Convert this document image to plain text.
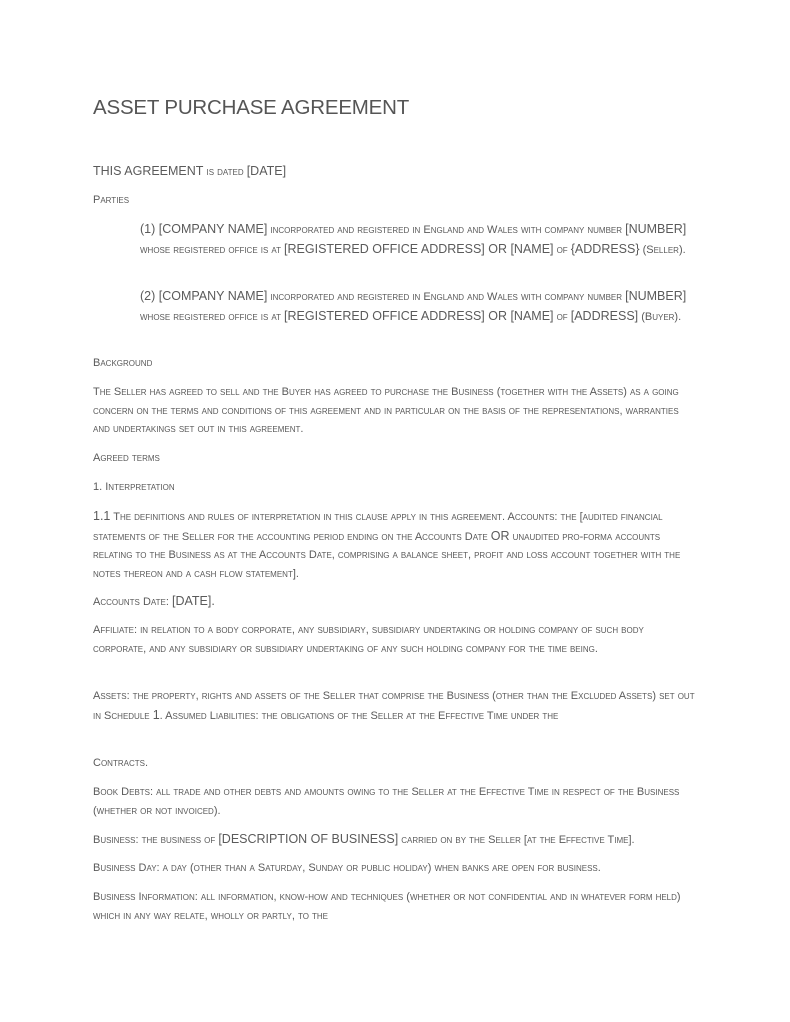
ASSET PURCHASE AGREEMENT
THIS AGREEMENT is dated [DATE]
Parties
(1) [COMPANY NAME] incorporated and registered in England and Wales with company number [NUMBER] whose registered office is at [REGISTERED OFFICE ADDRESS] OR [NAME] of {ADDRESS} (Seller).
(2) [COMPANY NAME] incorporated and registered in England and Wales with company number [NUMBER] whose registered office is at [REGISTERED OFFICE ADDRESS] OR [NAME] of [ADDRESS] (Buyer).
Background
The Seller has agreed to sell and the Buyer has agreed to purchase the Business (together with the Assets) as a going concern on the terms and conditions of this agreement and in particular on the basis of the representations, warranties and undertakings set out in this agreement.
Agreed terms
1. Interpretation
1.1 The definitions and rules of interpretation in this clause apply in this agreement. Accounts: the [audited financial statements of the Seller for the accounting period ending on the Accounts Date OR unaudited pro-forma accounts relating to the Business as at the Accounts Date, comprising a balance sheet, profit and loss account together with the notes thereon and a cash flow statement].
Accounts Date: [DATE].
Affiliate: in relation to a body corporate, any subsidiary, subsidiary undertaking or holding company of such body corporate, and any subsidiary or subsidiary undertaking of any such holding company for the time being.
Assets: the property, rights and assets of the Seller that comprise the Business (other than the Excluded Assets) set out in Schedule 1. Assumed Liabilities: the obligations of the Seller at the Effective Time under the
Contracts.
Book Debts: all trade and other debts and amounts owing to the Seller at the Effective Time in respect of the Business (whether or not invoiced).
Business: the business of [DESCRIPTION OF BUSINESS] carried on by the Seller [at the Effective Time].
Business Day: a day (other than a Saturday, Sunday or public holiday) when banks are open for business.
Business Information: all information, know-how and techniques (whether or not confidential and in whatever form held) which in any way relate, wholly or partly, to the
